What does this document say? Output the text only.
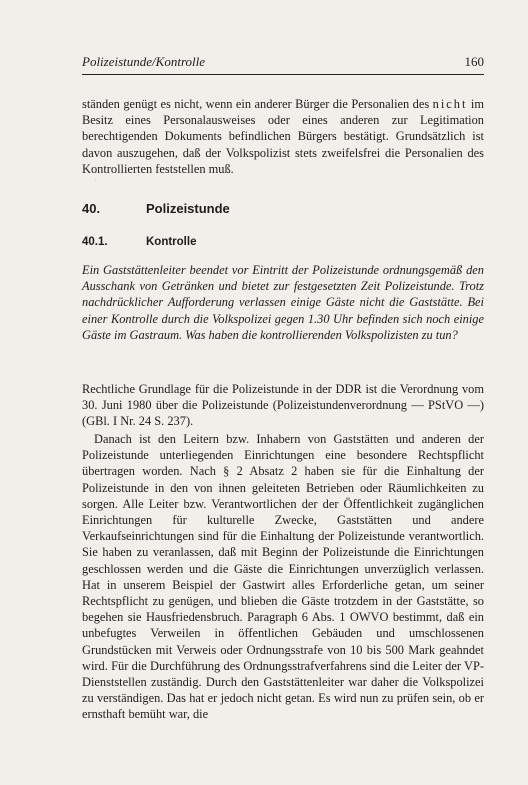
Polizeistunde/Kontrolle	160
ständen genügt es nicht, wenn ein anderer Bürger die Personalien des nicht im Besitz eines Personalausweises oder eines anderen zur Legitimation berechtigenden Dokuments befindlichen Bürgers bestätigt. Grundsätzlich ist davon auszugehen, daß der Volkspolizist stets zweifelsfrei die Personalien des Kontrollierten feststellen muß.
ʿ
40.	Polizeistunde
40.1.	Kontrolle
Ein Gaststättenleiter beendet vor Eintritt der Polizeistunde ordnungsgemäß den Ausschank von Getränken und bietet zur festgesetzten Zeit Polizeistunde. Trotz nachdrücklicher Aufforderung verlassen einige Gäste nicht die Gaststätte. Bei einer Kontrolle durch die Volkspolizei gegen 1.30 Uhr befinden sich noch einige Gäste im Gastraum. Was haben die kontrollierenden Volkspolizisten zu tun?
Rechtliche Grundlage für die Polizeistunde in der DDR ist die Verordnung vom 30. Juni 1980 über die Polizeistunde (Polizeistundenverordnung — PStVO —) (GBl. I Nr. 24 S. 237).
Danach ist den Leitern bzw. Inhabern von Gaststätten und anderen der Polizeistunde unterliegenden Einrichtungen eine besondere Rechtspflicht übertragen worden. Nach § 2 Absatz 2 haben sie für die Einhaltung der Polizeistunde in den von ihnen geleiteten Betrieben oder Räumlichkeiten zu sorgen. Alle Leiter bzw. Verantwortlichen der der Öffentlichkeit zugänglichen Einrichtungen für kulturelle Zwecke, Gaststätten und andere Verkaufseinrichtungen sind für die Einhaltung der Polizeistunde verantwortlich. Sie haben zu veranlassen, daß mit Beginn der Polizeistunde die Einrichtungen geschlossen werden und die Gäste die Einrichtungen unverzüglich verlassen. Hat in unserem Beispiel der Gastwirt alles Erforderliche getan, um seiner Rechtspflicht zu genügen, und blieben die Gäste trotzdem in der Gaststätte, so begehen sie Hausfriedensbruch. Paragraph 6 Abs. 1 OWVO bestimmt, daß ein unbefugtes Verweilen in öffentlichen Gebäuden und umschlossenen Grundstücken mit Verweis oder Ordnungsstrafe von 10 bis 500 Mark geahndet wird. Für die Durchführung des Ordnungsstrafverfahrens sind die Leiter der VP-Dienststellen zuständig. Durch den Gaststättenleiter war daher die Volkspolizei zu verständigen. Das hat er jedoch nicht getan. Es wird nun zu prüfen sein, ob er ernsthaft bemüht war, die
